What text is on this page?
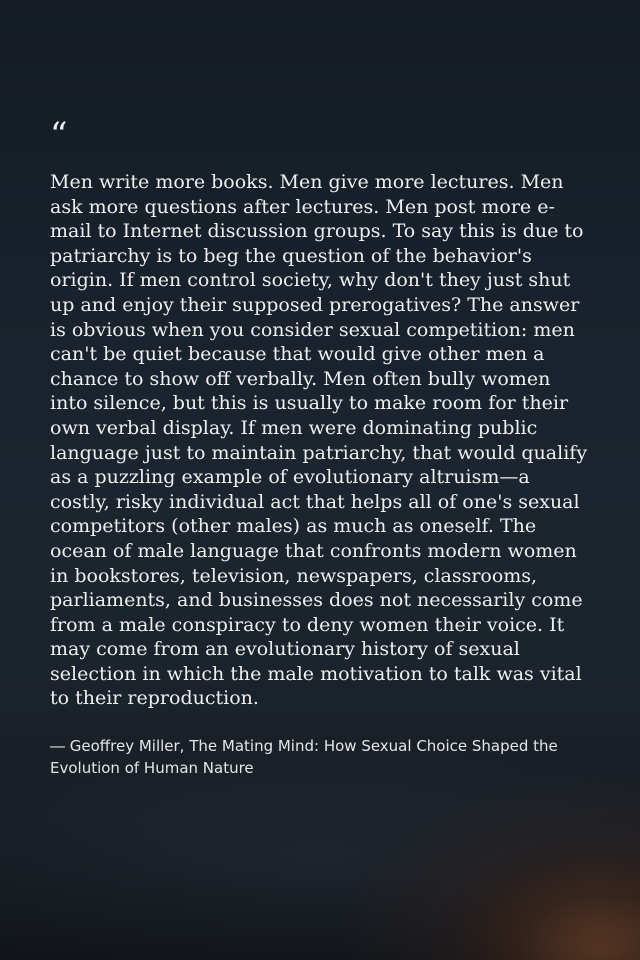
“

Men write more books. Men give more lectures. Men ask more questions after lectures. Men post more e-mail to Internet discussion groups. To say this is due to patriarchy is to beg the question of the behavior's origin. If men control society, why don't they just shut up and enjoy their supposed prerogatives? The answer is obvious when you consider sexual competition: men can't be quiet because that would give other men a chance to show off verbally. Men often bully women into silence, but this is usually to make room for their own verbal display. If men were dominating public language just to maintain patriarchy, that would qualify as a puzzling example of evolutionary altruism—a costly, risky individual act that helps all of one's sexual competitors (other males) as much as oneself. The ocean of male language that confronts modern women in bookstores, television, newspapers, classrooms, parliaments, and businesses does not necessarily come from a male conspiracy to deny women their voice. It may come from an evolutionary history of sexual selection in which the male motivation to talk was vital to their reproduction.

― Geoffrey Miller, The Mating Mind: How Sexual Choice Shaped the Evolution of Human Nature
